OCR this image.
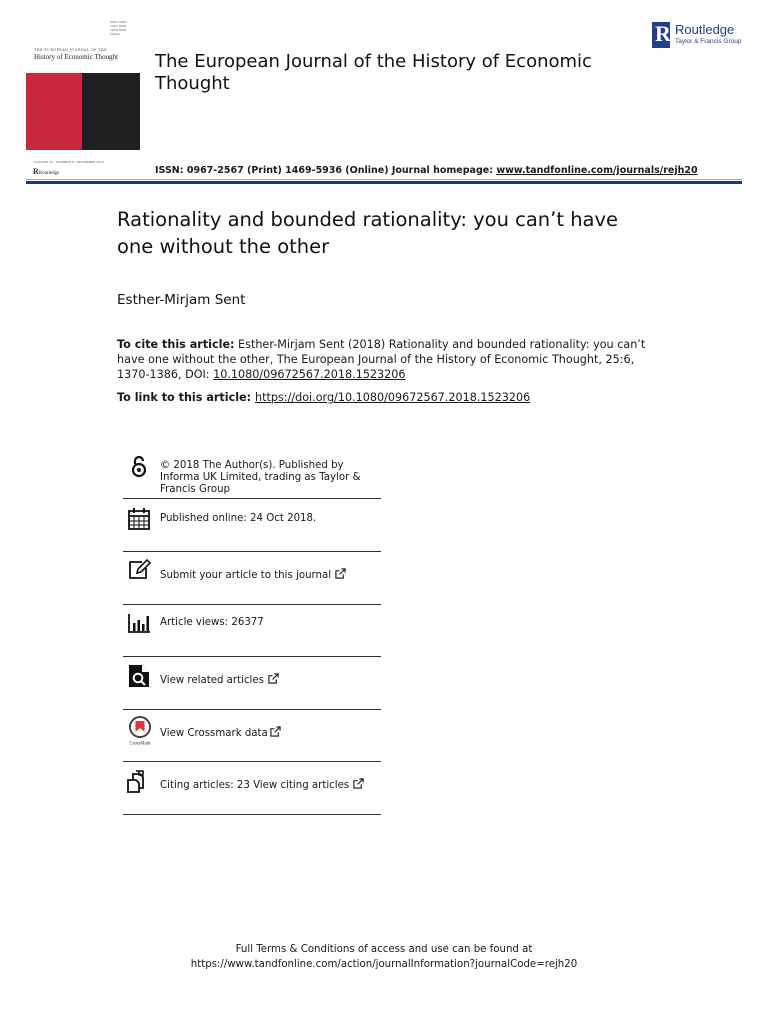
ISSN 0967-2567 ISSN 1469-5936 Online
THE EUROPEAN JOURNAL OF THE
History of Economic Thought
VOLUME 25 · NUMBER 6 · DECEMBER 2018
The European Journal of the History of Economic Thought
R Routledge
Taylor & Francis Group
RRoutledge	ISSN: 0967-2567 (Print) 1469-5936 (Online) Journal homepage: www.tandfonline.com/journals/rejh20
Rationality and bounded rationality: you can’t have one without the other
Esther-Mirjam Sent
To cite this article: Esther-Mirjam Sent (2018) Rationality and bounded rationality: you can’t have one without the other, The European Journal of the History of Economic Thought, 25:6, 1370-1386, DOI: 10.1080/09672567.2018.1523206
To link to this article: https://doi.org/10.1080/09672567.2018.1523206
© 2018 The Author(s). Published by Informa UK Limited, trading as Taylor & Francis Group
Published online: 24 Oct 2018.
Submit your article to this journal
Article views: 26377
View related articles
CrossMark
View Crossmark data
Citing articles: 23 View citing articles
Full Terms & Conditions of access and use can be found at
https://www.tandfonline.com/action/journalInformation?journalCode=rejh20
